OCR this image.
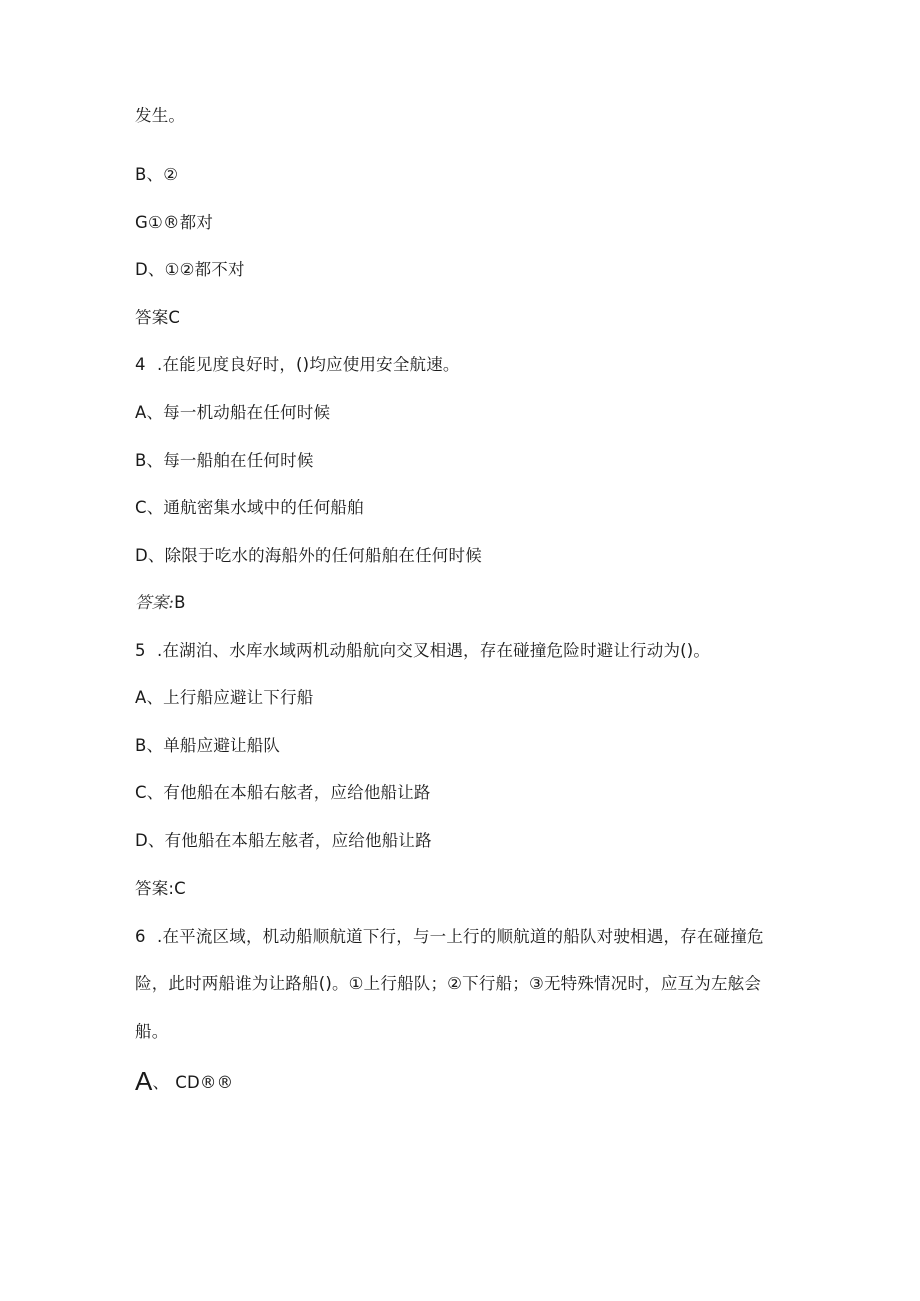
发生。
B、②
G①®都对
D、①②都不对
答案C
4 .在能见度良好时，()均应使用安全航速。
A、每一机动船在任何时候
B、每一船舶在任何时候
C、通航密集水域中的任何船舶
D、除限于吃水的海船外的任何船舶在任何时候
答案:B
5 .在湖泊、水库水域两机动船航向交叉相遇，存在碰撞危险时避让行动为()。
A、上行船应避让下行船
B、单船应避让船队
C、有他船在本船右舷者，应给他船让路
D、有他船在本船左舷者，应给他船让路
答案:C
6 .在平流区域，机动船顺航道下行，与一上行的顺航道的船队对驶相遇，存在碰撞危
险，此时两船谁为让路船()。①上行船队；②下行船；③无特殊情况时，应互为左舷会
船。
A、 CD®®
